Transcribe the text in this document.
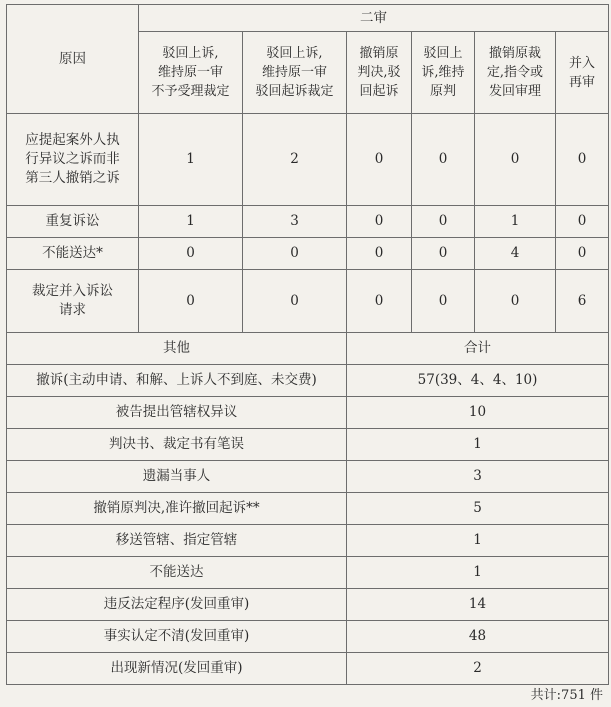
原因	二审					
	驳回上诉,
维持原一审
不予受理裁定	驳回上诉,
维持原一审
驳回起诉裁定	撤销原
判决,驳
回起诉	驳回上
诉,维持
原判	撤销原裁
定,指令或
发回审理	并入
再审
应提起案外人执
行异议之诉而非
第三人撤销之诉	1	2	0	0	0	0
重复诉讼	1	3	0	0	1	0
不能送达*	0	0	0	0	4	0
裁定并入诉讼
请求	0	0	0	0	0	6
其他			合计			
撤诉(主动申请、和解、上诉人不到庭、未交费)			57(39、4、4、10)			
被告提出管辖权异议			10			
判决书、裁定书有笔误			1			
遗漏当事人			3			
撤销原判决,准许撤回起诉**			5			
移送管辖、指定管辖			1			
不能送达			1			
违反法定程序(发回重审)			14			
事实认定不清(发回重审)			48			
出现新情况(发回重审)			2			
共计:751 件
